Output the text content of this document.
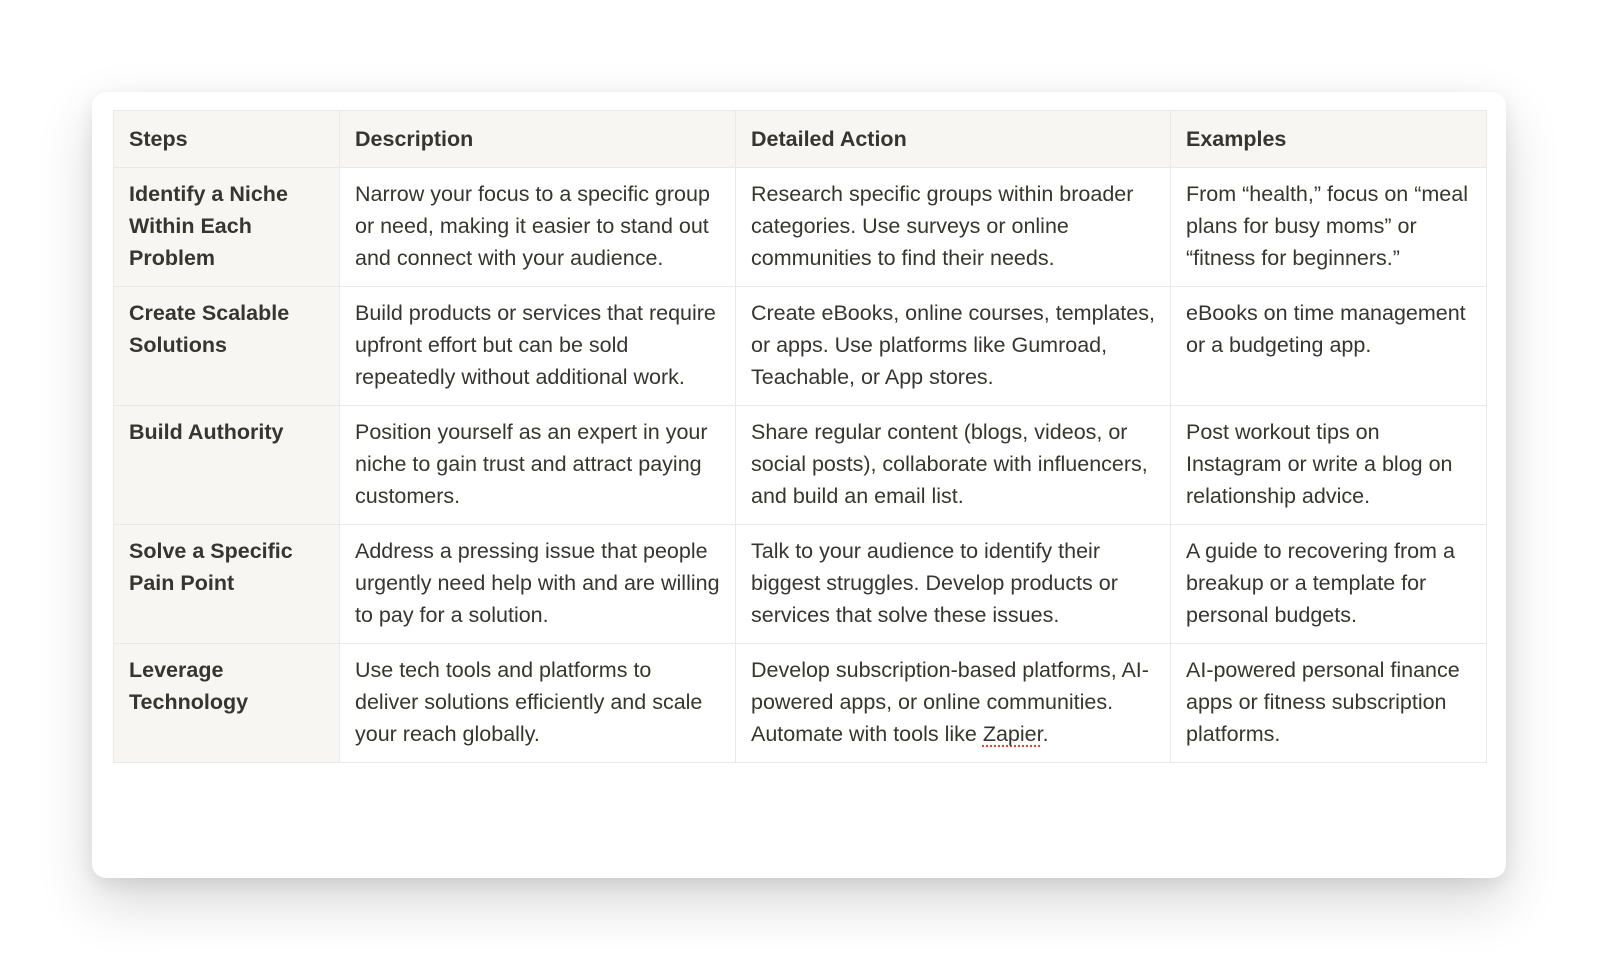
Steps	Description	Detailed Action	Examples
Identify a Niche Within Each Problem	Narrow your focus to a specific group or need, making it easier to stand out and connect with your audience.	Research specific groups within broader categories. Use surveys or online communities to find their needs.	From “health,” focus on “meal plans for busy moms” or “fitness for beginners.”
Create Scalable Solutions	Build products or services that require upfront effort but can be sold repeatedly without additional work.	Create eBooks, online courses, templates, or apps. Use platforms like Gumroad, Teachable, or App stores.	eBooks on time management or a budgeting app.
Build Authority	Position yourself as an expert in your niche to gain trust and attract paying customers.	Share regular content (blogs, videos, or social posts), collaborate with influencers, and build an email list.	Post workout tips on Instagram or write a blog on relationship advice.
Solve a Specific Pain Point	Address a pressing issue that people urgently need help with and are willing to pay for a solution.	Talk to your audience to identify their biggest struggles. Develop products or services that solve these issues.	A guide to recovering from a breakup or a template for personal budgets.
Leverage Technology	Use tech tools and platforms to deliver solutions efficiently and scale your reach globally.	Develop subscription-based platforms, AI-powered apps, or online communities. Automate with tools like Zapier.	AI-powered personal finance apps or fitness subscription platforms.
